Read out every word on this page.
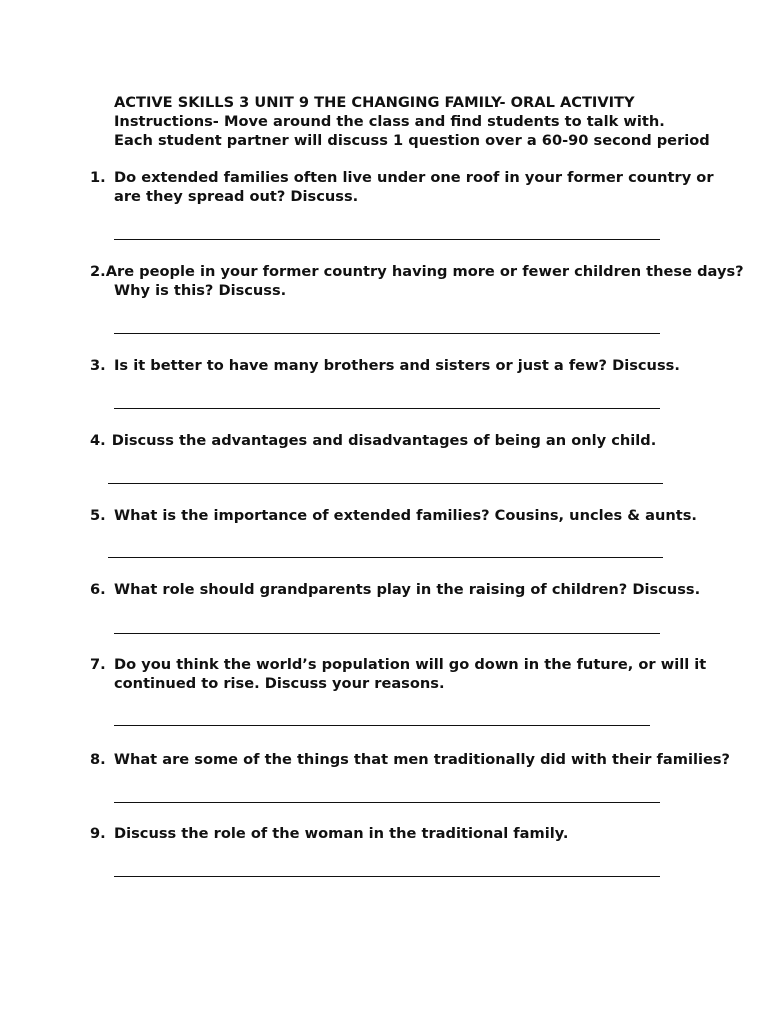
ACTIVE SKILLS 3 UNIT 9 THE CHANGING FAMILY- ORAL ACTIVITY
Instructions- Move around the class and find students to talk with.
Each student partner will discuss 1 question over a 60-90 second period
1. Do extended families often live under one roof in your former country or
are they spread out? Discuss.
2. Are people in your former country having more or fewer children these days?
Why is this? Discuss.
3. Is it better to have many brothers and sisters or just a few? Discuss.
4. Discuss the advantages and disadvantages of being an only child.
5. What is the importance of extended families? Cousins, uncles & aunts.
6. What role should grandparents play in the raising of children? Discuss.
7. Do you think the world’s population will go down in the future, or will it
continued to rise. Discuss your reasons.
8. What are some of the things that men traditionally did with their families?
9. Discuss the role of the woman in the traditional family.
